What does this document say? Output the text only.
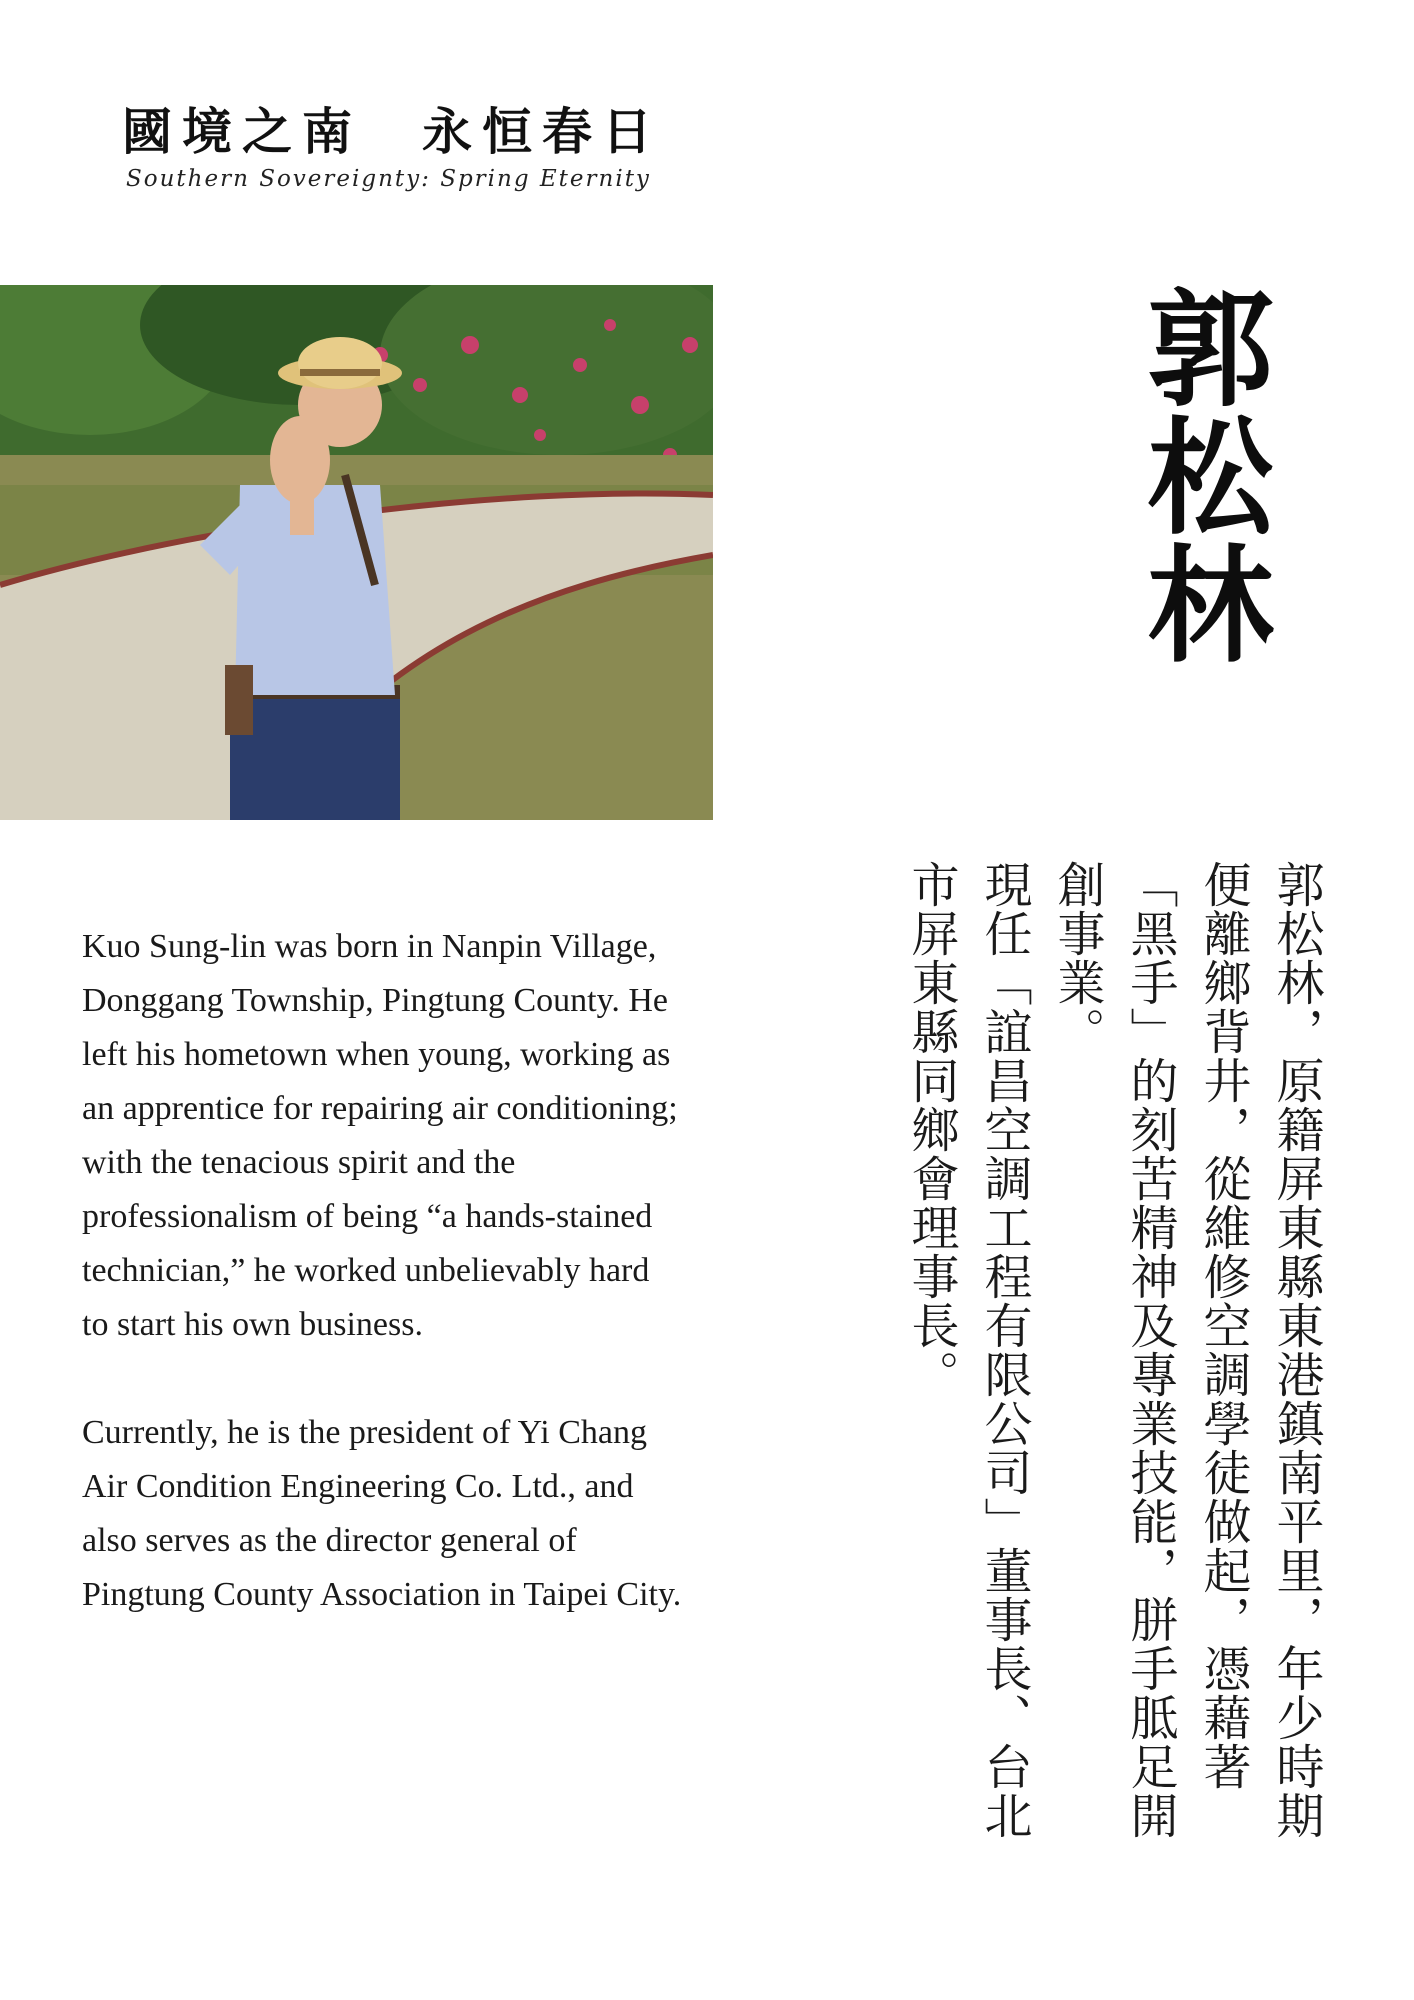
國境之南　永恒春日
Southern Sovereignty: Spring Eternity
郭松林

Kuo Sung-lin was born in Nanpin Village, Donggang Township, Pingtung County. He left his hometown when young, working as an apprentice for repairing air conditioning; with the tenacious spirit and the professionalism of being “a hands-stained technician,” he worked unbelievably hard to start his own business.

Currently, he is the president of Yi Chang Air Condition Engineering Co. Ltd., and also serves as the director general of Pingtung County Association in Taipei City.	郭松林，原籍屏東縣東港鎮南平里，年少時期便離鄉背井，從維修空調學徒做起，憑藉著「黑手」的刻苦精神及專業技能，胼手胝足開創事業。

現任「誼昌空調工程有限公司」董事長、台北市屏東縣同鄉會理事長。
